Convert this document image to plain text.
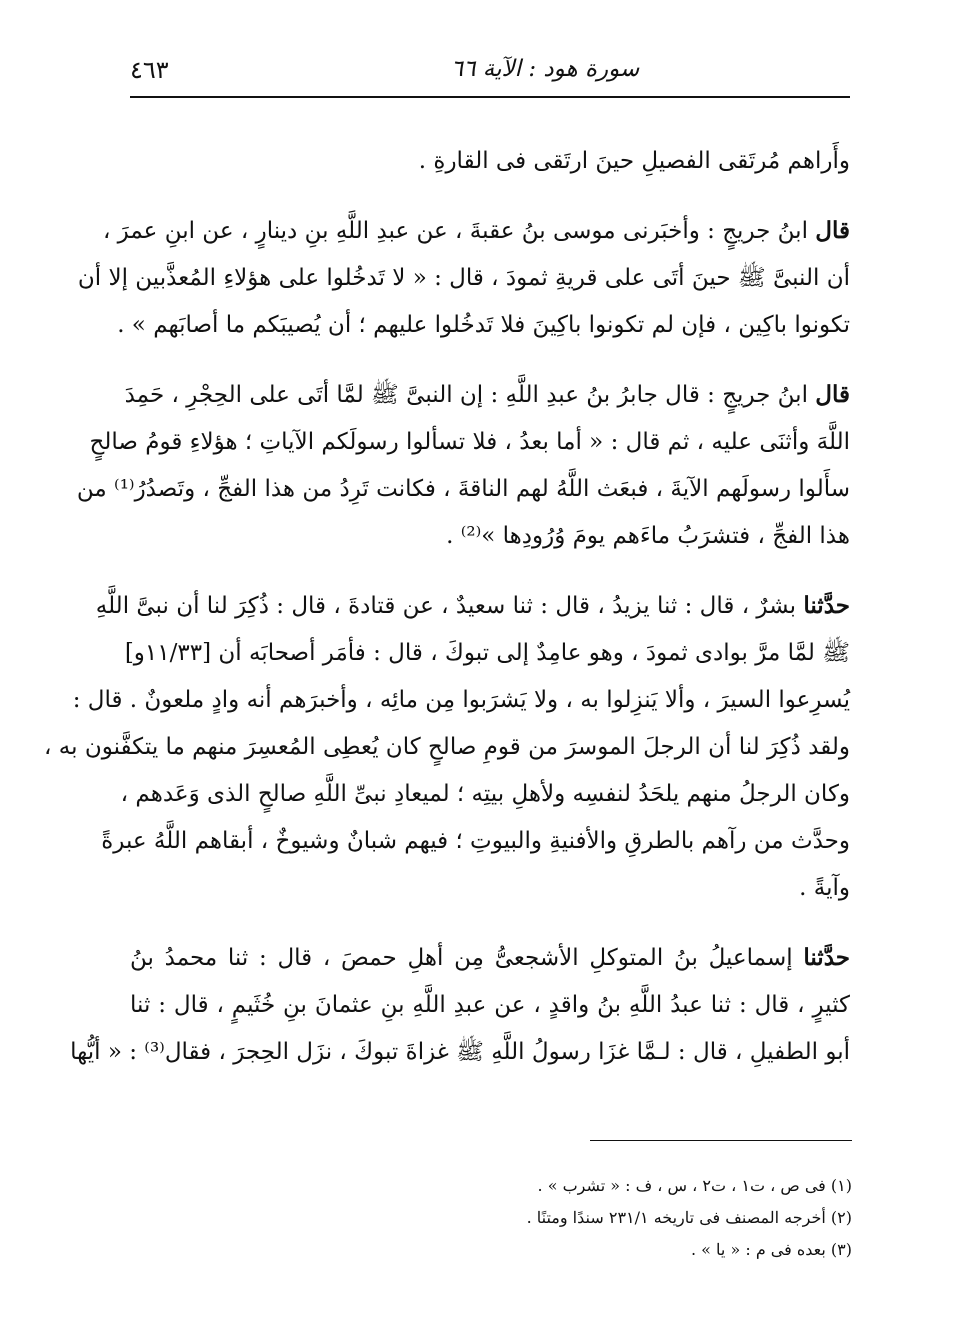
سورة هود : الآية ٦٦
٤٦٣
وأَراهم مُرتَقى الفصيلِ حينَ ارتَقى فى القارةِ .
قال ابنُ جريجٍ : وأخبَرنى موسى بنُ عقبةَ ، عن عبدِ اللَّهِ بنِ دينارٍ ، عن ابنِ عمرَ ،
أن النبىَّ ﷺ حينَ أتَى على قريةِ ثمودَ ، قال : « لا تَدخُلوا على هؤلاءِ المُعذَّبين إلا أن
تكونوا باكِين ، فإن لم تكونوا باكِينَ فلا تَدخُلوا عليهم ؛ أن يُصيبَكم ما أصابَهم » .
قال ابنُ جريجٍ : قال جابرُ بنُ عبدِ اللَّهِ : إن النبىَّ ﷺ لمَّا أتَى على الحِجْرِ ، حَمِدَ
اللَّهَ وأثنَى عليه ، ثم قال : « أما بعدُ ، فلا تسألوا رسولَكم الآياتِ ؛ هؤلاءِ قومُ صالحٍ
سأَلوا رسولَهم الآيةَ ، فبعَث اللَّهُ لهم الناقةَ ، فكانت تَرِدُ من هذا الفجِّ ، وتَصدُرُ⁽¹⁾ من
هذا الفجِّ ، فتشرَبُ ماءَهم يومَ وُرُودِها »⁽²⁾ .
حدَّثنا بشرٌ ، قال : ثنا يزيدُ ، قال : ثنا سعيدٌ ، عن قتادةَ ، قال : ذُكِرَ لنا أن نبىَّ اللَّهِ
ﷺ لمَّا مرَّ بوادى ثمودَ ، وهو عامِدٌ إلى تبوكَ ، قال : فأمَر أصحابَه أن [١١/٣٣و]
يُسرِعوا السيرَ ، وألا يَنزِلوا به ، ولا يَشرَبوا مِن مائِه ، وأخبرَهم أنه وادٍ ملعونٌ . قال :
ولقد ذُكِرَ لنا أن الرجلَ الموسرَ من قومِ صالحٍ كان يُعطِى المُعسِرَ منهم ما يتكفَّنون به ،
وكان الرجلُ منهم يلحَدُ لنفسِه ولأهلِ بيتِه ؛ لميعادِ نبىِّ اللَّهِ صالحٍ الذى وَعَدهم ،
وحدَّث من رآهم بالطرقِ والأفنيةِ والبيوتِ ؛ فيهم شبانٌ وشيوخٌ ، أبقاهم اللَّهُ عبرةً
وآيةً .
حدَّثنا إسماعيلُ بنُ المتوكلِ الأشجعىُّ مِن أهلِ حمصَ ، قال : ثنا محمدُ بنُ
كثيرٍ ، قال : ثنا عبدُ اللَّهِ بنُ واقدٍ ، عن عبدِ اللَّهِ بنِ عثمانَ بنِ خُثَيمٍ ، قال : ثنا
أبو الطفيلِ ، قال : لـمَّا غزَا رسولُ اللَّهِ ﷺ غزاةَ تبوكَ ، نزَل الحِجرَ ، فقال⁽³⁾ : « أيُّها
(١) فى ص ، ت١ ، ت٢ ، س ، ف : « تشرب » .
(٢) أخرجه المصنف فى تاريخه ٢٣١/١ سندًا ومتنًا .
(٣) بعده فى م : « يا » .
